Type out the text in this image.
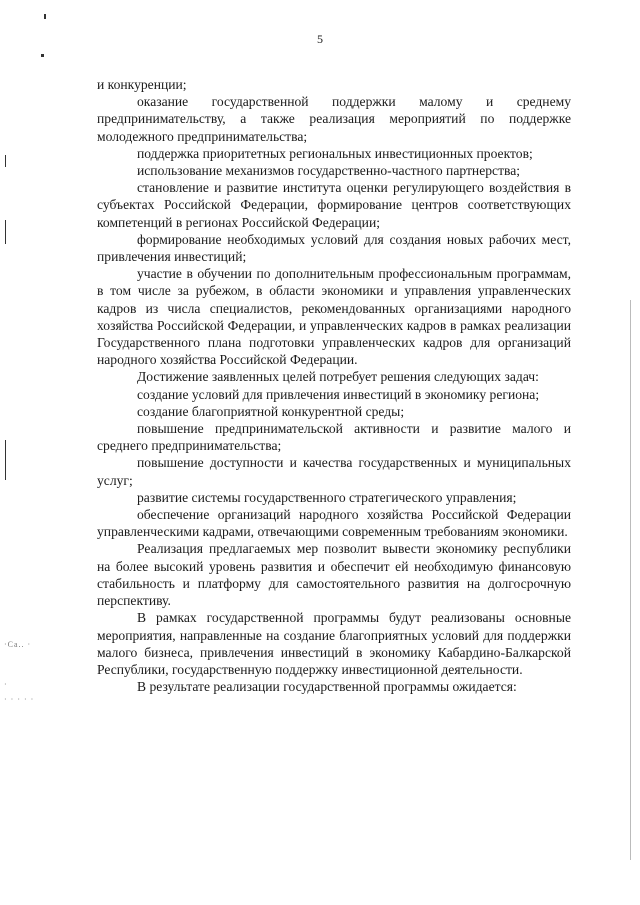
5
·Ca.. ·
·
· · · · ·
и конкуренции;
оказание государственной поддержки малому и среднему предпринимательству, а также реализация мероприятий по поддержке молодежного предпринимательства;
поддержка приоритетных региональных инвестиционных проектов;
использование механизмов государственно-частного партнерства;
становление и развитие института оценки регулирующего воздействия в субъектах Российской Федерации, формирование центров соответствующих компетенций в регионах Российской Федерации;
формирование необходимых условий для создания новых рабочих мест, привлечения инвестиций;
участие в обучении по дополнительным профессиональным программам, в том числе за рубежом, в области экономики и управления управленческих кадров из числа специалистов, рекомендованных организациями народного хозяйства Российской Федерации, и управленческих кадров в рамках реализации Государственного плана подготовки управленческих кадров для организаций народного хозяйства Российской Федерации.
Достижение заявленных целей потребует решения следующих задач:
создание условий для привлечения инвестиций в экономику региона;
создание благоприятной конкурентной среды;
повышение предпринимательской активности и развитие малого и среднего предпринимательства;
повышение доступности и качества государственных и муниципальных услуг;
развитие системы государственного стратегического управления;
обеспечение организаций народного хозяйства Российской Федерации управленческими кадрами, отвечающими современным требованиям экономики.
Реализация предлагаемых мер позволит вывести экономику республики на более высокий уровень развития и обеспечит ей необходимую финансовую стабильность и платформу для самостоятельного развития на долгосрочную перспективу.
В рамках государственной программы будут реализованы основные мероприятия, направленные на создание благоприятных условий для поддержки малого бизнеса, привлечения инвестиций в экономику Кабардино-Балкарской Республики, государственную поддержку инвестиционной деятельности.
В результате реализации государственной программы ожидается:
